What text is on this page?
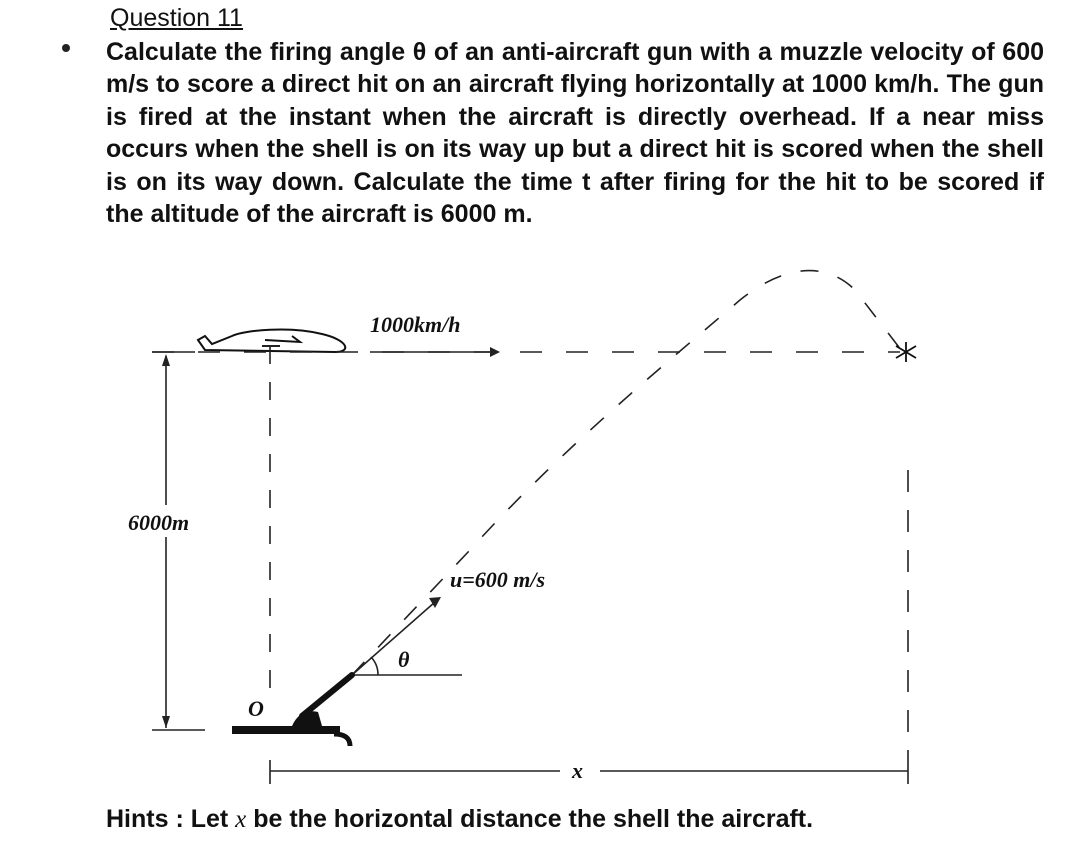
Question 11
Calculate the firing angle θ of an anti-aircraft gun with a muzzle velocity of 600 m/s to score a direct hit on an aircraft flying horizontally at 1000 km/h. The gun is fired at the instant when the aircraft is directly overhead. If a near miss occurs when the shell is on its way up but a direct hit is scored when the shell is on its way down. Calculate the time t after firing for the hit to be scored if the altitude of the aircraft is 6000 m.
1000km/h
6000m
u=600 m/s
θ
O
x
Hints : Let x be the horizontal distance the shell the aircraft.
